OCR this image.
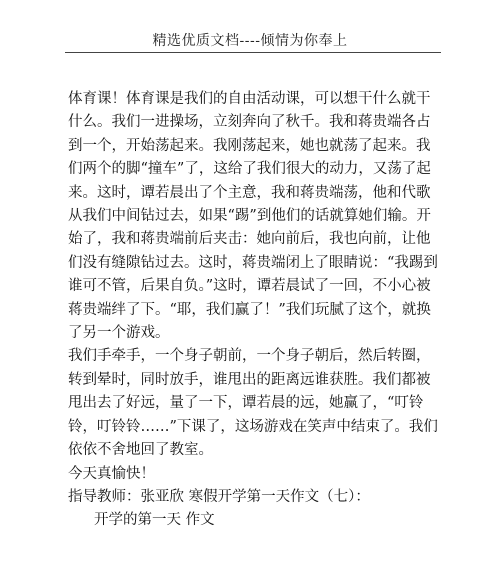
精选优质文档----倾情为你奉上

体育课！体育课是我们的自由活动课，可以想干什么就干什么。我们一进操场，立刻奔向了秋千。我和蒋贵端各占到一个，开始荡起来。我刚荡起来，她也就荡了起来。我们两个的脚“撞车”了，这给了我们很大的动力，又荡了起来。这时，谭若晨出了个主意，我和蒋贵端荡，他和代歌从我们中间钻过去，如果“踢”到他们的话就算她们输。开始了，我和蒋贵端前后夹击：她向前后，我也向前，让他们没有缝隙钻过去。这时，蒋贵端闭上了眼睛说：“我踢到谁可不管，后果自负。”这时，谭若晨试了一回，不小心被蒋贵端绊了下。“耶，我们赢了！”我们玩腻了这个，就换了另一个游戏。

我们手牵手，一个身子朝前，一个身子朝后，然后转圈，转到晕时，同时放手，谁甩出的距离远谁获胜。我们都被甩出去了好远，量了一下，谭若晨的远，她赢了，“叮铃铃，叮铃铃……”下课了，这场游戏在笑声中结束了。我们依依不舍地回了教室。

今天真愉快！

指导教师：张亚欣 寒假开学第一天作文（七）：

开学的第一天 作文
